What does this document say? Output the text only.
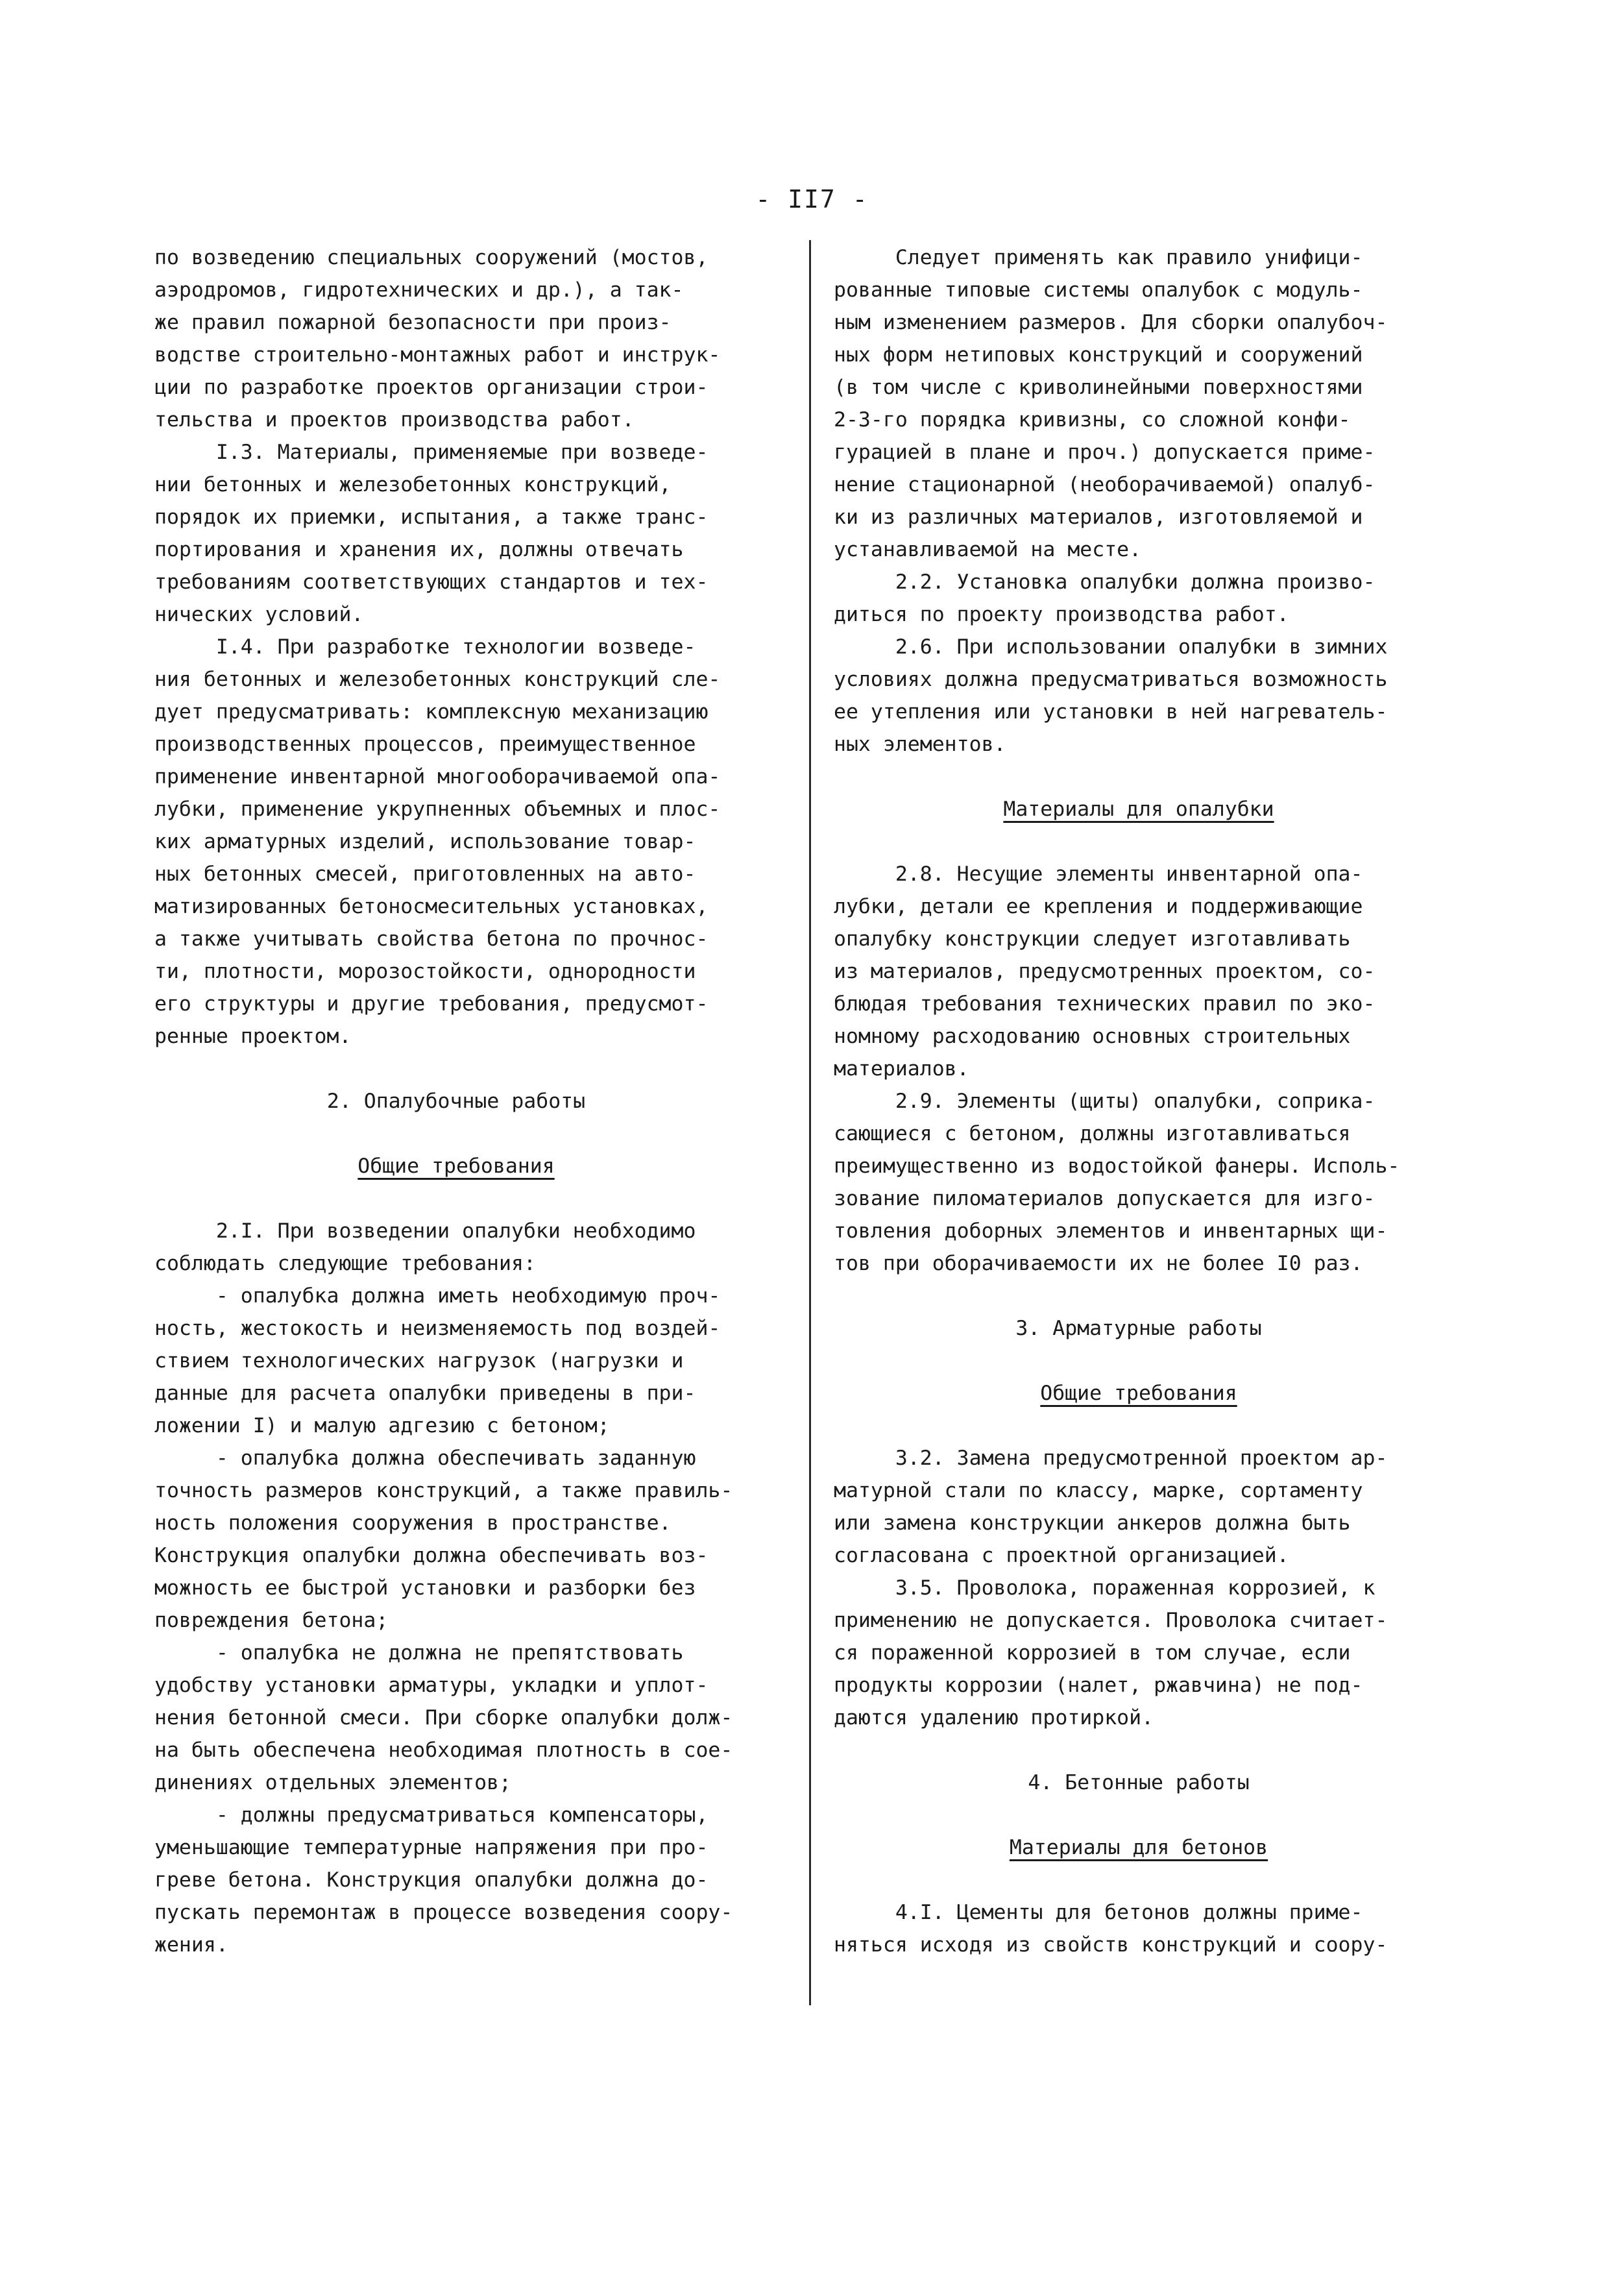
- II7 -
по возведению специальных сооружений (мостов,
аэродромов, гидротехнических и др.), а так-
же правил пожарной безопасности при произ-
водстве строительно-монтажных работ и инструк-
ции по разработке проектов организации строи-
тельства и проектов производства работ.
I.3. Материалы, применяемые при возведе-
нии бетонных и железобетонных конструкций,
порядок их приемки, испытания, а также транс-
портирования и хранения их, должны отвечать
требованиям соответствующих стандартов и тех-
нических условий.
I.4. При разработке технологии возведе-
ния бетонных и железобетонных конструкций сле-
дует предусматривать: комплексную механизацию
производственных процессов, преимущественное
применение инвентарной многооборачиваемой опа-
лубки, применение укрупненных объемных и плос-
ких арматурных изделий, использование товар-
ных бетонных смесей, приготовленных на авто-
матизированных бетоносмесительных установках,
а также учитывать свойства бетона по прочнос-
ти, плотности, морозостойкости, однородности
его структуры и другие требования, предусмот-
ренные проектом.
2. Опалубочные работы
Общие требования
2.I. При возведении опалубки необходимо
соблюдать следующие требования:
- опалубка должна иметь необходимую проч-
ность, жестокость и неизменяемость под воздей-
ствием технологических нагрузок (нагрузки и
данные для расчета опалубки приведены в при-
ложении I) и малую адгезию с бетоном;
- опалубка должна обеспечивать заданную
точность размеров конструкций, а также правиль-
ность положения сооружения в пространстве.
Конструкция опалубки должна обеспечивать воз-
можность ее быстрой установки и разборки без
повреждения бетона;
- опалубка не должна не препятствовать
удобству установки арматуры, укладки и уплот-
нения бетонной смеси. При сборке опалубки долж-
на быть обеспечена необходимая плотность в сое-
динениях отдельных элементов;
- должны предусматриваться компенсаторы,
уменьшающие температурные напряжения при про-
греве бетона. Конструкция опалубки должна до-
пускать перемонтаж в процессе возведения соору-
жения.
Следует применять как правило унифици-
рованные типовые системы опалубок с модуль-
ным изменением размеров. Для сборки опалубоч-
ных форм нетиповых конструкций и сооружений
(в том числе с криволинейными поверхностями
2-3-го порядка кривизны, со сложной конфи-
гурацией в плане и проч.) допускается приме-
нение стационарной (необорачиваемой) опалуб-
ки из различных материалов, изготовляемой и
устанавливаемой на месте.
2.2. Установка опалубки должна произво-
диться по проекту производства работ.
2.6. При использовании опалубки в зимних
условиях должна предусматриваться возможность
ее утепления или установки в ней нагреватель-
ных элементов.
Материалы для опалубки
2.8. Несущие элементы инвентарной опа-
лубки, детали ее крепления и поддерживающие
опалубку конструкции следует изготавливать
из материалов, предусмотренных проектом, со-
блюдая требования технических правил по эко-
номному расходованию основных строительных
материалов.
2.9. Элементы (щиты) опалубки, соприка-
сающиеся с бетоном, должны изготавливаться
преимущественно из водостойкой фанеры. Исполь-
зование пиломатериалов допускается для изго-
товления доборных элементов и инвентарных щи-
тов при оборачиваемости их не более I0 раз.
3. Арматурные работы
Общие требования
3.2. Замена предусмотренной проектом ар-
матурной стали по классу, марке, сортаменту
или замена конструкции анкеров должна быть
согласована с проектной организацией.
3.5. Проволока, пораженная коррозией, к
применению не допускается. Проволока считает-
ся пораженной коррозией в том случае, если
продукты коррозии (налет, ржавчина) не под-
даются удалению протиркой.
4. Бетонные работы
Материалы для бетонов
4.I. Цементы для бетонов должны приме-
няться исходя из свойств конструкций и соору-
